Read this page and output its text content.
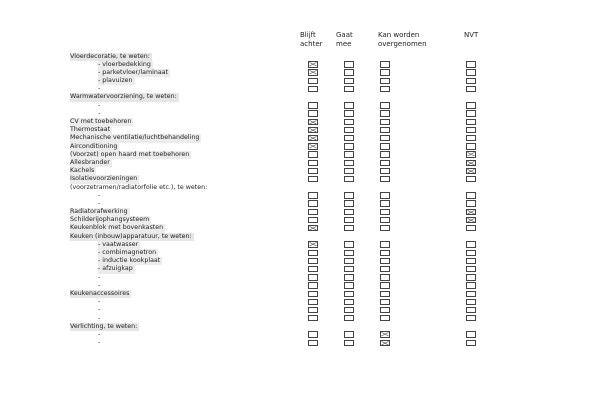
Blijft
achter
Gaat
mee
Kan worden
overgenomen
NVT
Vloerdecoratie, te weten:
- vloerbedekking
- parketvloer/laminaat
- plavuizen
-
Warmwatervoorziening, te weten:
-
-
CV met toebehoren
Thermostaat
Mechanische ventilatie/luchtbehandeling
Airconditioning
(Voorzet) open haard met toebehoren
Allesbrander
Kachels
Isolatievoorzieningen
(voorzetramen/radiatorfolie etc.), te weten:
-
-
Radiatorafwerking
Schilderijophangsysteem
Keukenblok met bovenkasten
Keuken (inbouw)apparatuur, te weten:
- vaatwasser
- combimagnetron
- inductie kookplaat
- afzuigkap
-
-
Keukenaccessoires
-
-
-
Verlichting, te weten:
-
-
